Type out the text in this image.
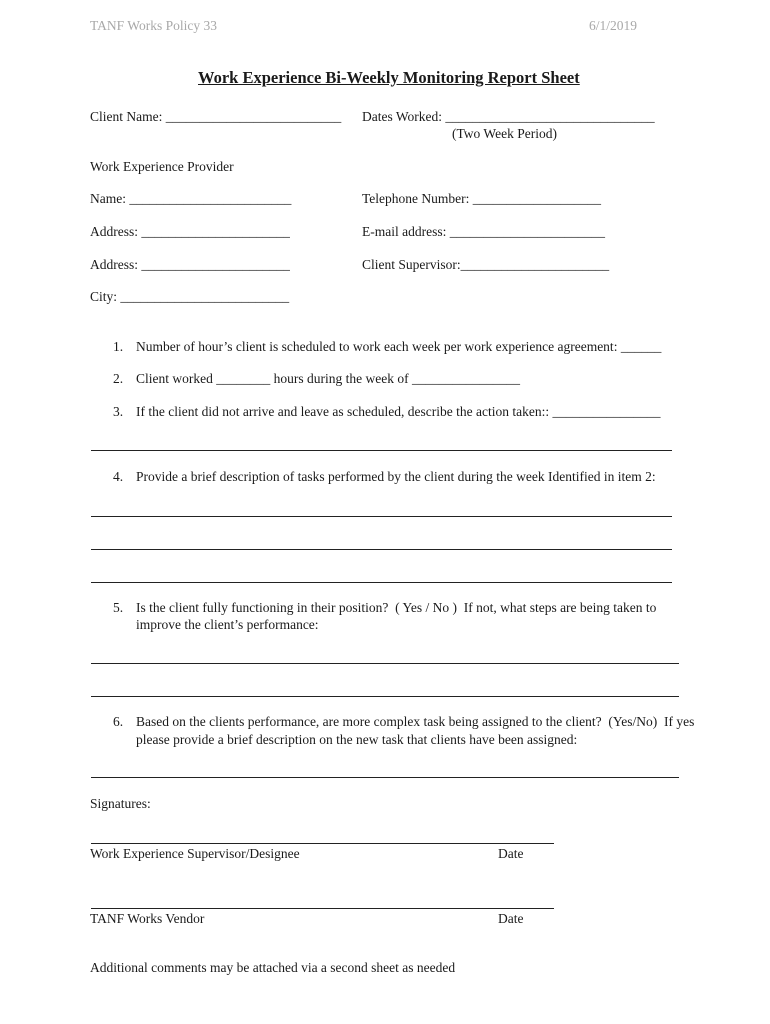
TANF Works Policy 33	6/1/2019
Work Experience Bi-Weekly Monitoring Report Sheet
Client Name: __________________________ Dates Worked: _______________________________
(Two Week Period)
Work Experience Provider
Name: ________________________	Telephone Number: ___________________
Address: ______________________	E-mail address: _______________________
Address: ______________________	Client Supervisor:______________________
City: _________________________
1. Number of hour’s client is scheduled to work each week per work experience agreement: ______
2. Client worked ________ hours during the week of ________________
3. If the client did not arrive and leave as scheduled, describe the action taken:: ________________
4. Provide a brief description of tasks performed by the client during the week Identified in item 2:
5. Is the client fully functioning in their position?  ( Yes / No )  If not, what steps are being taken to
improve the client’s performance:
6. Based on the clients performance, are more complex task being assigned to the client?  (Yes/No)  If yes
please provide a brief description on the new task that clients have been assigned:
Signatures:
Work Experience Supervisor/Designee	Date
TANF Works Vendor	Date
Additional comments may be attached via a second sheet as needed
